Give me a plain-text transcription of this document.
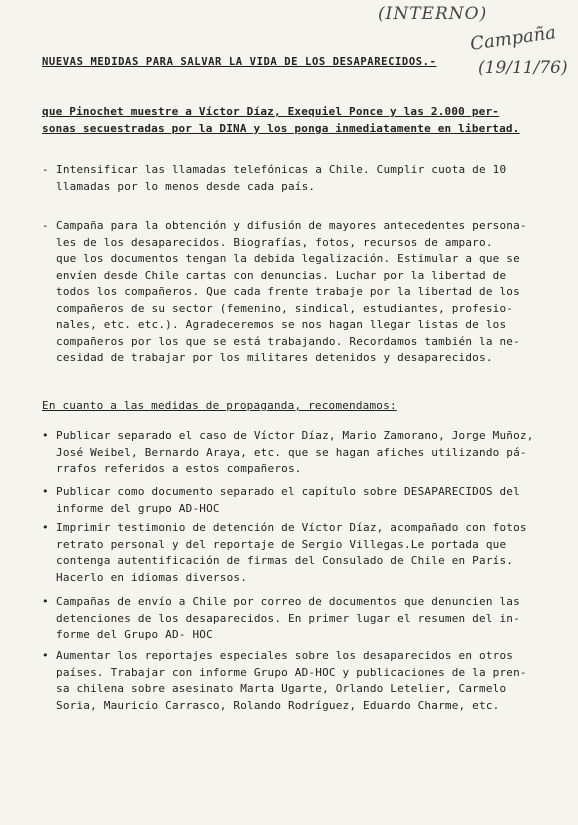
(INTERNO)
Campaña
(19/11/76)
NUEVAS MEDIDAS PARA SALVAR LA VIDA DE LOS DESAPARECIDOS.-
que Pinochet muestre a Víctor Díaz, Exequiel Ponce y las 2.000 per-
sonas secuestradas por la DINA y los ponga inmediatamente en libertad.
- Intensificar las llamadas telefónicas a Chile. Cumplir cuota de 10
llamadas por lo menos desde cada país.
- Campaña para la obtención y difusión de mayores antecedentes persona-
les de los desaparecidos. Biografías, fotos, recursos de amparo.
que los documentos tengan la debida legalización. Estimular a que se
envíen desde Chile cartas con denuncias. Luchar por la libertad de
todos los compañeros. Que cada frente trabaje por la libertad de los
compañeros de su sector (femenino, sindical, estudiantes, profesio-
nales, etc. etc.). Agradeceremos se nos hagan llegar listas de los
compañeros por los que se está trabajando. Recordamos también la ne-
cesidad de trabajar por los militares detenidos y desaparecidos.
En cuanto a las medidas de propaganda, recomendamos:
• Publicar separado el caso de Víctor Díaz, Mario Zamorano, Jorge Muñoz,
José Weibel, Bernardo Araya, etc. que se hagan afiches utilizando pá-
rrafos referidos a estos compañeros.
• Publicar como documento separado el capítulo sobre DESAPARECIDOS del
informe del grupo AD-HOC
• Imprimir testimonio de detención de Víctor Díaz, acompañado con fotos
retrato personal y del reportaje de Sergio Villegas.Le portada que
contenga autentificación de firmas del Consulado de Chile en París.
Hacerlo en idiomas diversos.
• Campañas de envío a Chile por correo de documentos que denuncien las
detenciones de los desaparecidos. En primer lugar el resumen del in-
forme del Grupo AD- HOC
• Aumentar los reportajes especiales sobre los desaparecidos en otros
países. Trabajar con informe Grupo AD-HOC y publicaciones de la pren-
sa chilena sobre asesinato Marta Ugarte, Orlando Letelier, Carmelo
Soria, Mauricio Carrasco, Rolando Rodríguez, Eduardo Charme, etc.
